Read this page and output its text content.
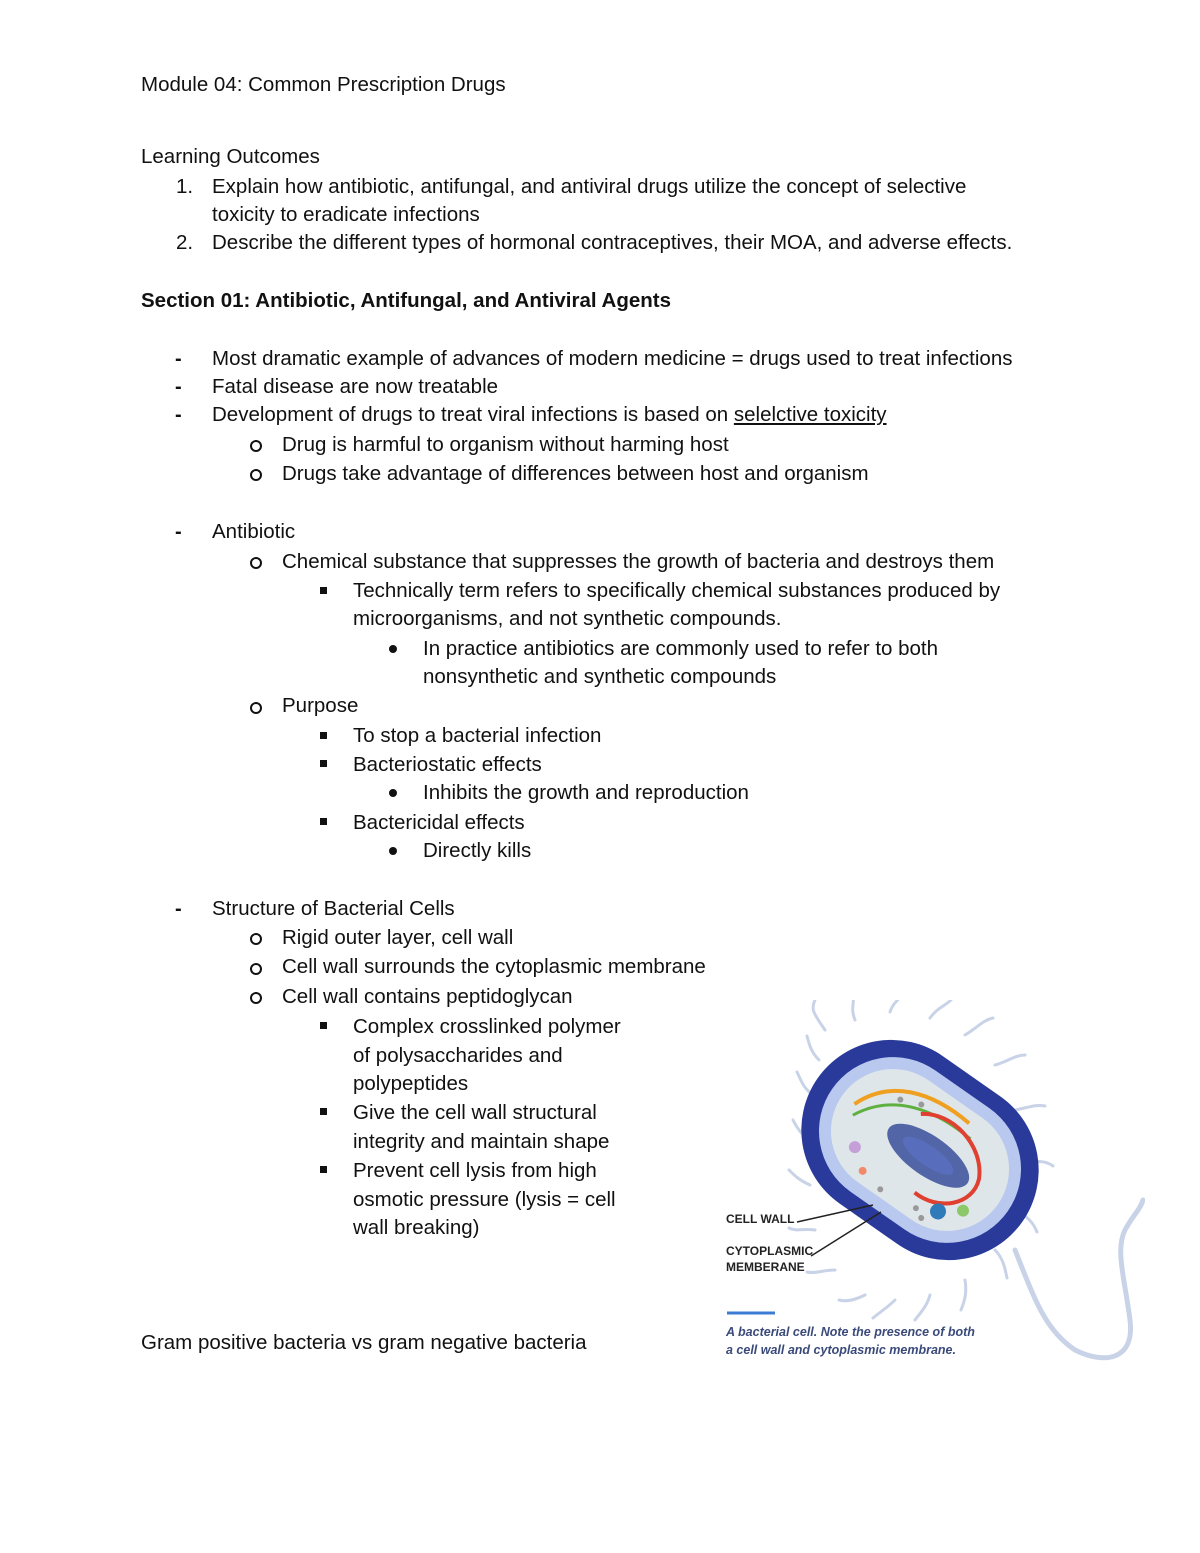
Module 04: Common Prescription Drugs
Learning Outcomes
1. Explain how antibiotic, antifungal, and antiviral drugs utilize the concept of selective
toxicity to eradicate infections
2. Describe the different types of hormonal contraceptives, their MOA, and adverse effects.
Section 01: Antibiotic, Antifungal, and Antiviral Agents
- Most dramatic example of advances of modern medicine = drugs used to treat infections
- Fatal disease are now treatable
- Development of drugs to treat viral infections is based on selelctive toxicity
Drug is harmful to organism without harming host
Drugs take advantage of differences between host and organism
- Antibiotic
Chemical substance that suppresses the growth of bacteria and destroys them
Technically term refers to specifically chemical substances produced by
microorganisms, and not synthetic compounds.
In practice antibiotics are commonly used to refer to both
nonsynthetic and synthetic compounds
Purpose
To stop a bacterial infection
Bacteriostatic effects
Inhibits the growth and reproduction
Bactericidal effects
Directly kills
- Structure of Bacterial Cells
Rigid outer layer, cell wall
Cell wall surrounds the cytoplasmic membrane
Cell wall contains peptidoglycan
Complex crosslinked polymer
of polysaccharides and
polypeptides
Give the cell wall structural
integrity and maintain shape
Prevent cell lysis from high
osmotic pressure (lysis = cell
wall breaking)
Gram positive bacteria vs gram negative bacteria
CELL WALL
CYTOPLASMIC
MEMBERANE
A bacterial cell. Note the presence of both
a cell wall and cytoplasmic membrane.
